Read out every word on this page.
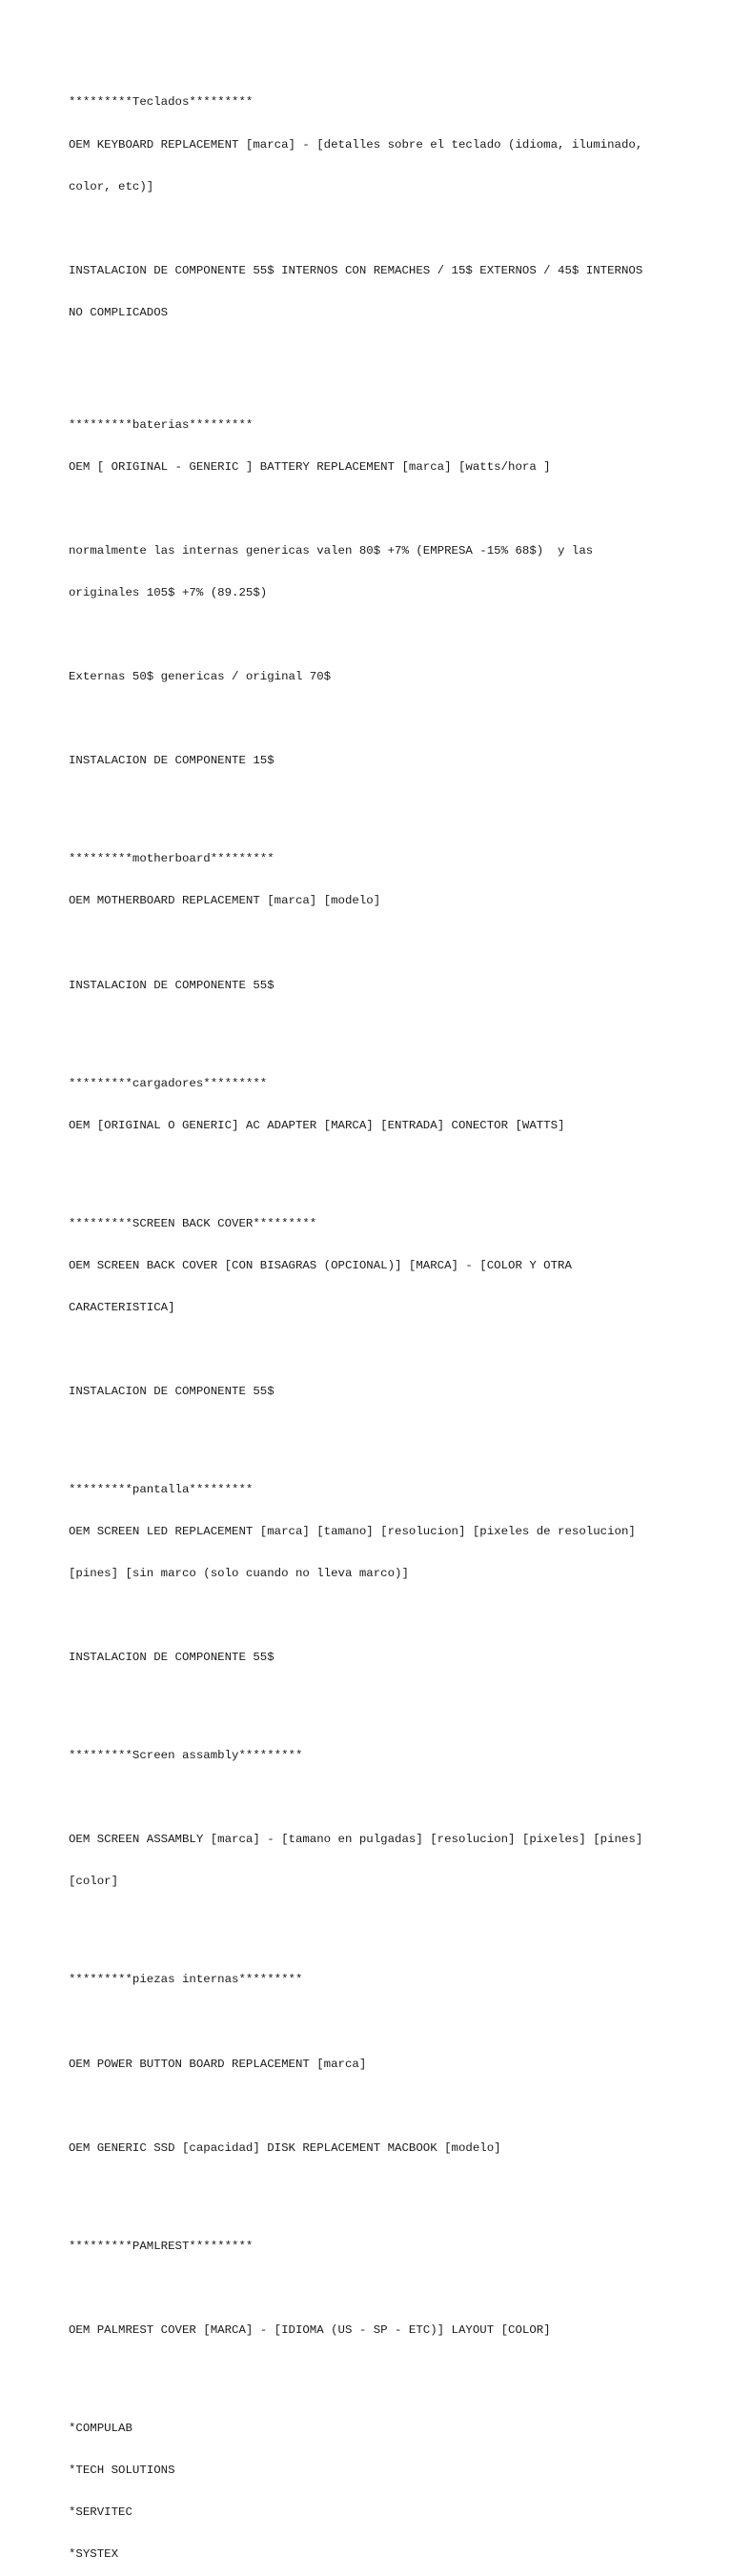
*********Teclados*********

OEM KEYBOARD REPLACEMENT [marca] - [detalles sobre el teclado (idioma, iluminado,

color, etc)]

INSTALACION DE COMPONENTE 55$ INTERNOS CON REMACHES / 15$ EXTERNOS / 45$ INTERNOS

NO COMPLICADOS

*********baterias*********

OEM [ ORIGINAL - GENERIC ] BATTERY REPLACEMENT [marca] [watts/hora ]

normalmente las internas genericas valen 80$ +7% (EMPRESA -15% 68$)  y las

originales 105$ +7% (89.25$)

Externas 50$ genericas / original 70$

INSTALACION DE COMPONENTE 15$

*********motherboard*********

OEM MOTHERBOARD REPLACEMENT [marca] [modelo]

INSTALACION DE COMPONENTE 55$

*********cargadores*********

OEM [ORIGINAL O GENERIC] AC ADAPTER [MARCA] [ENTRADA] CONECTOR [WATTS]

*********SCREEN BACK COVER*********

OEM SCREEN BACK COVER [CON BISAGRAS (OPCIONAL)] [MARCA] - [COLOR Y OTRA

CARACTERISTICA]

INSTALACION DE COMPONENTE 55$

*********pantalla*********

OEM SCREEN LED REPLACEMENT [marca] [tamano] [resolucion] [pixeles de resolucion]

[pines] [sin marco (solo cuando no lleva marco)]

INSTALACION DE COMPONENTE 55$

*********Screen assambly*********

OEM SCREEN ASSAMBLY [marca] - [tamano en pulgadas] [resolucion] [pixeles] [pines]

[color]

*********piezas internas*********

OEM POWER BUTTON BOARD REPLACEMENT [marca]

OEM GENERIC SSD [capacidad] DISK REPLACEMENT MACBOOK [modelo]

*********PAMLREST*********

OEM PALMREST COVER [MARCA] - [IDIOMA (US - SP - ETC)] LAYOUT [COLOR]

*COMPULAB

*TECH SOLUTIONS

*SERVITEC

*SYSTEX
